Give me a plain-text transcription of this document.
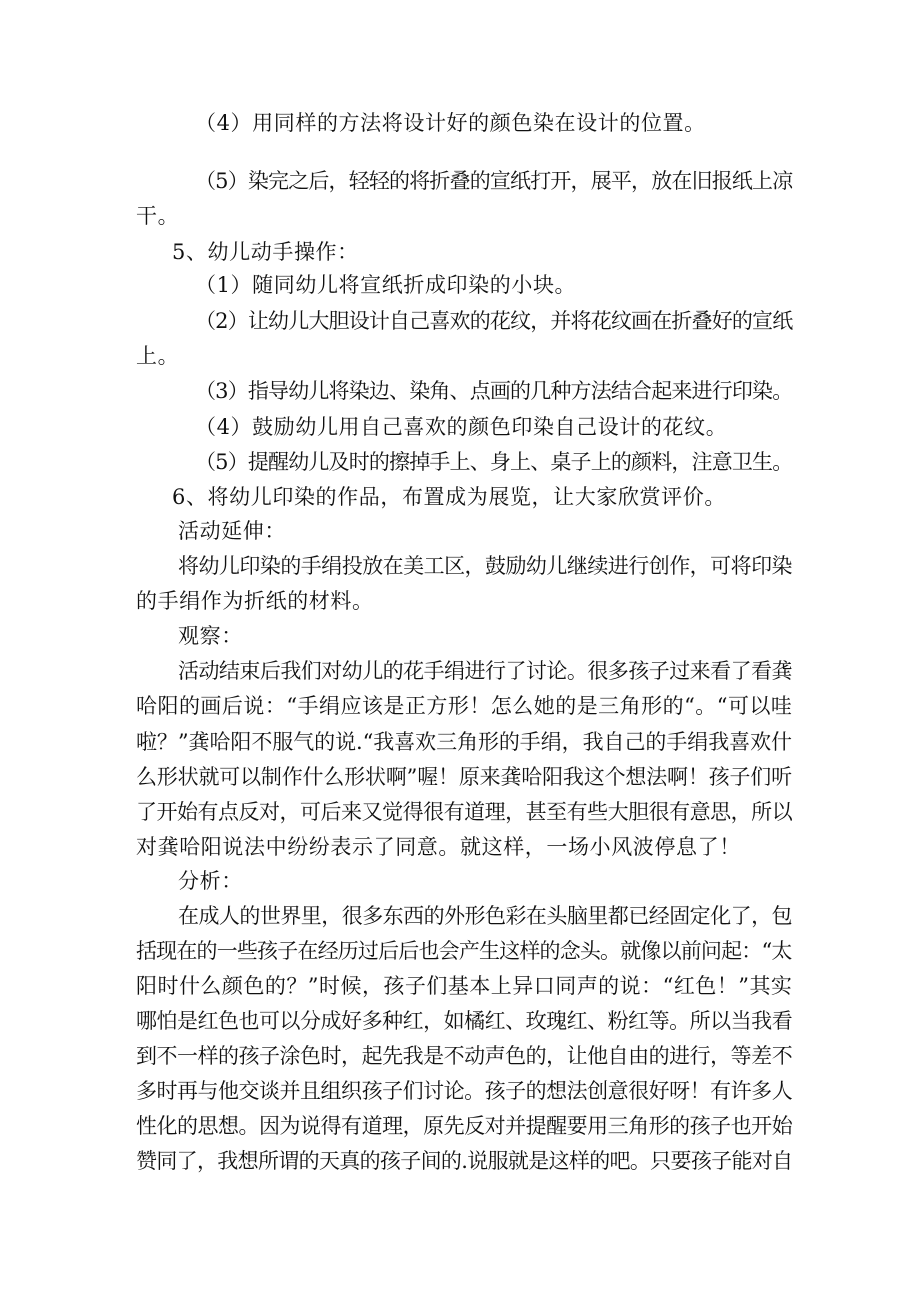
（4）用同样的方法将设计好的颜色染在设计的位置。
（5）染完之后，轻轻的将折叠的宣纸打开，展平，放在旧报纸上凉
干。
5、幼儿动手操作：
（1）随同幼儿将宣纸折成印染的小块。
（2）让幼儿大胆设计自己喜欢的花纹，并将花纹画在折叠好的宣纸
上。
（3）指导幼儿将染边、染角、点画的几种方法结合起来进行印染。
（4）鼓励幼儿用自己喜欢的颜色印染自己设计的花纹。
（5）提醒幼儿及时的擦掉手上、身上、桌子上的颜料，注意卫生。
6、将幼儿印染的作品，布置成为展览，让大家欣赏评价。
活动延伸：
将幼儿印染的手绢投放在美工区，鼓励幼儿继续进行创作，可将印染
的手绢作为折纸的材料。
观察：
活动结束后我们对幼儿的花手绢进行了讨论。很多孩子过来看了看龚
哈阳的画后说：“手绢应该是正方形！怎么她的是三角形的“。“可以哇
啦？”龚哈阳不服气的说.“我喜欢三角形的手绢，我自己的手绢我喜欢什
么形状就可以制作什么形状啊”喔！原来龚哈阳我这个想法啊！孩子们听
了开始有点反对，可后来又觉得很有道理，甚至有些大胆很有意思，所以
对龚哈阳说法中纷纷表示了同意。就这样，一场小风波停息了！
分析：
在成人的世界里，很多东西的外形色彩在头脑里都已经固定化了，包
括现在的一些孩子在经历过后后也会产生这样的念头。就像以前问起：“太
阳时什么颜色的？”时候，孩子们基本上异口同声的说：“红色！”其实
哪怕是红色也可以分成好多种红，如橘红、玫瑰红、粉红等。所以当我看
到不一样的孩子涂色时，起先我是不动声色的，让他自由的进行，等差不
多时再与他交谈并且组织孩子们讨论。孩子的想法创意很好呀！有许多人
性化的思想。因为说得有道理，原先反对并提醒要用三角形的孩子也开始
赞同了，我想所谓的天真的孩子间的.说服就是这样的吧。只要孩子能对自
